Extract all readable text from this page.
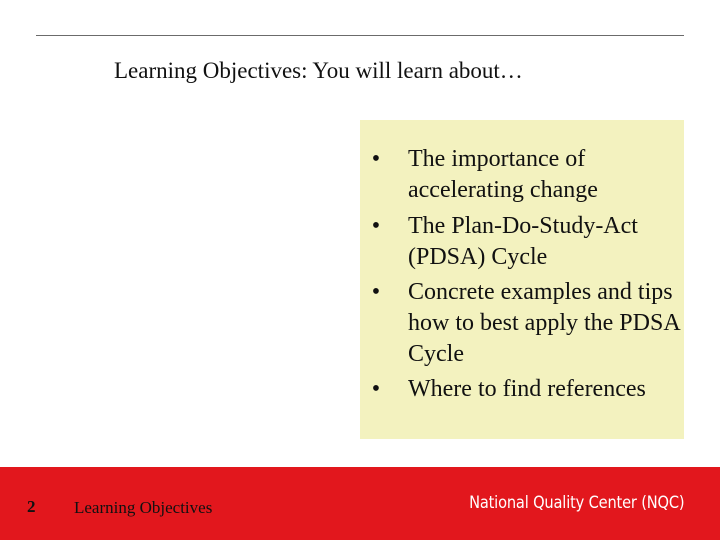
Learning Objectives: You will learn about…
• The importance of accelerating change
• The Plan-Do-Study-Act (PDSA) Cycle
• Concrete examples and tips how to best apply the PDSA Cycle
• Where to find references
2 Learning Objectives	National Quality Center (NQC)
